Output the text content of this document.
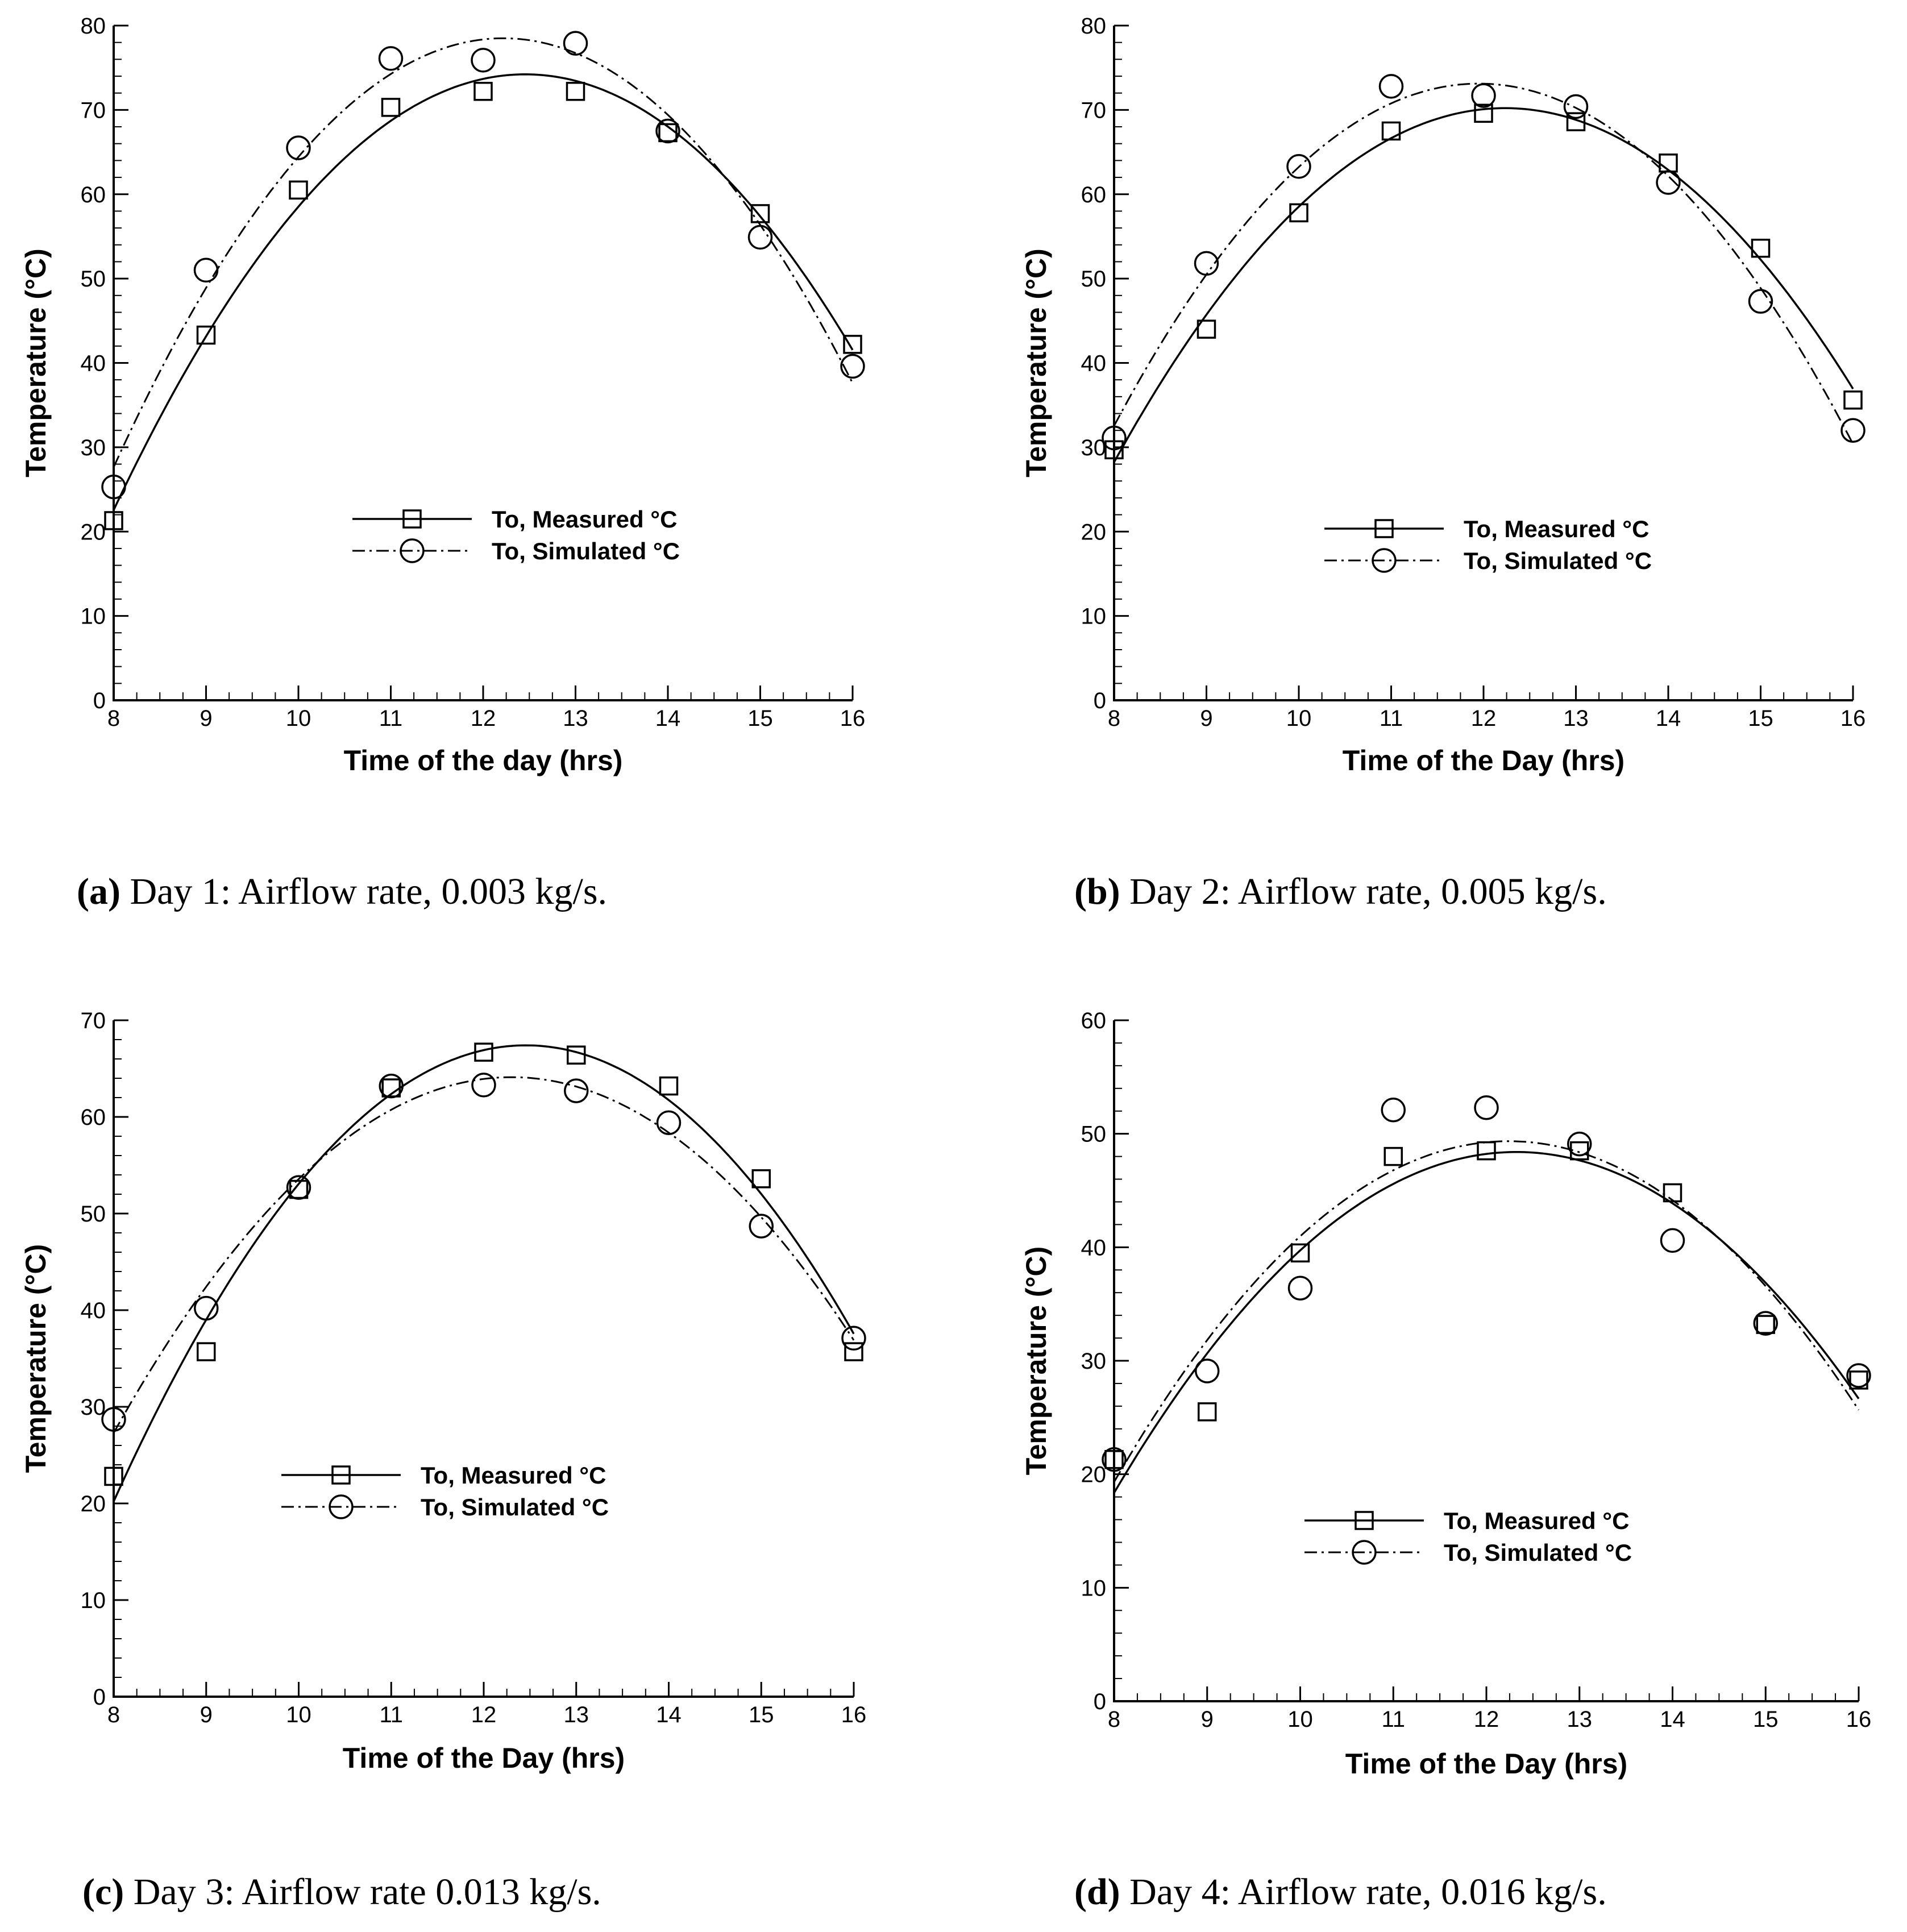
8	9	10	11	12	13	14	15	16
0
10
20
30
40
50
60
70
80
Time of the day (hrs)
Temperature (°C)
To, Measured °C
To, Simulated °C
(a) Day 1: Airflow rate, 0.003 kg/s.
8	9	10	11	12	13	14	15	16
0
10
20
30
40
50
60
70
80
Time of the Day (hrs)
Temperature (°C)
To, Measured °C
To, Simulated °C
(b) Day 2: Airflow rate, 0.005 kg/s.
8	9	10	11	12	13	14	15	16
0
10
20
30
40
50
60
70
Time of the Day (hrs)
Temperature (°C)
To, Measured °C
To, Simulated °C
(c) Day 3: Airflow rate 0.013 kg/s.
8	9	10	11	12	13	14	15	16
0
10
20
30
40
50
60
Time of the Day (hrs)
Temperature (°C)
To, Measured °C
To, Simulated °C
(d) Day 4: Airflow rate, 0.016 kg/s.
